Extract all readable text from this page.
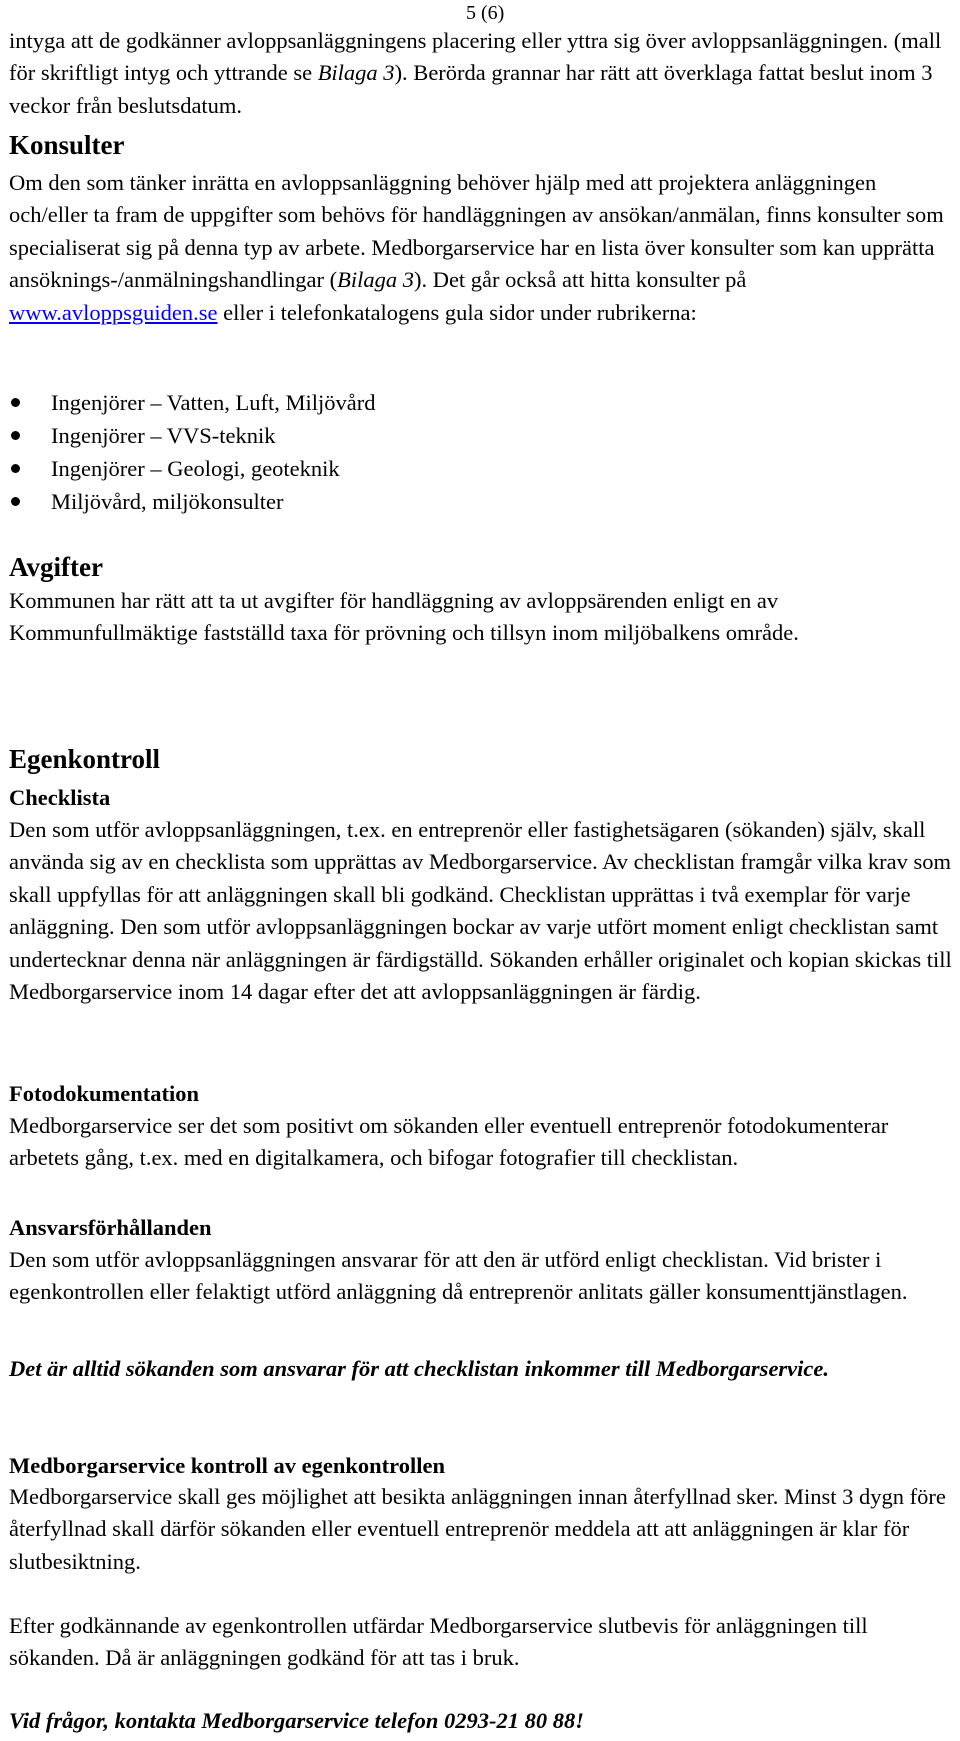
5 (6)

intyga att de godkänner avloppsanläggningens placering eller yttra sig över avloppsanläggningen. (mall för skriftligt intyg och yttrande se Bilaga 3). Berörda grannar har rätt att överklaga fattat beslut inom 3 veckor från beslutsdatum.

Konsulter

Om den som tänker inrätta en avloppsanläggning behöver hjälp med att projektera anläggningen och/eller ta fram de uppgifter som behövs för handläggningen av ansökan/anmälan, finns konsulter som specialiserat sig på denna typ av arbete. Medborgarservice har en lista över konsulter som kan upprätta ansöknings-/anmälningshandlingar (Bilaga 3). Det går också att hitta konsulter på www.avloppsguiden.se eller i telefonkatalogens gula sidor under rubrikerna:

Ingenjörer – Vatten, Luft, Miljövård
Ingenjörer – VVS-teknik
Ingenjörer – Geologi, geoteknik
Miljövård, miljökonsulter
Avgifter

Kommunen har rätt att ta ut avgifter för handläggning av avloppsärenden enligt en av Kommunfullmäktige fastställd taxa för prövning och tillsyn inom miljöbalkens område.

Egenkontroll
Checklista

Den som utför avloppsanläggningen, t.ex. en entreprenör eller fastighetsägaren (sökanden) själv, skall använda sig av en checklista som upprättas av Medborgarservice. Av checklistan framgår vilka krav som skall uppfyllas för att anläggningen skall bli godkänd. Checklistan upprättas i två exemplar för varje anläggning. Den som utför avloppsanläggningen bockar av varje utfört moment enligt checklistan samt undertecknar denna när anläggningen är färdigställd. Sökanden erhåller originalet och kopian skickas till Medborgarservice inom 14 dagar efter det att avloppsanläggningen är färdig.

Fotodokumentation

Medborgarservice ser det som positivt om sökanden eller eventuell entreprenör fotodokumenterar arbetets gång, t.ex. med en digitalkamera, och bifogar fotografier till checklistan.

Ansvarsförhållanden

Den som utför avloppsanläggningen ansvarar för att den är utförd enligt checklistan. Vid brister i egenkontrollen eller felaktigt utförd anläggning då entreprenör anlitats gäller konsumenttjänstlagen.

Det är alltid sökanden som ansvarar för att checklistan inkommer till Medborgarservice.

Medborgarservice kontroll av egenkontrollen

Medborgarservice skall ges möjlighet att besikta anläggningen innan återfyllnad sker. Minst 3 dygn före återfyllnad skall därför sökanden eller eventuell entreprenör meddela att att anläggningen är klar för slutbesiktning.

Efter godkännande av egenkontrollen utfärdar Medborgarservice slutbevis för anläggningen till sökanden. Då är anläggningen godkänd för att tas i bruk.

Vid frågor, kontakta Medborgarservice telefon 0293-21 80 88!
